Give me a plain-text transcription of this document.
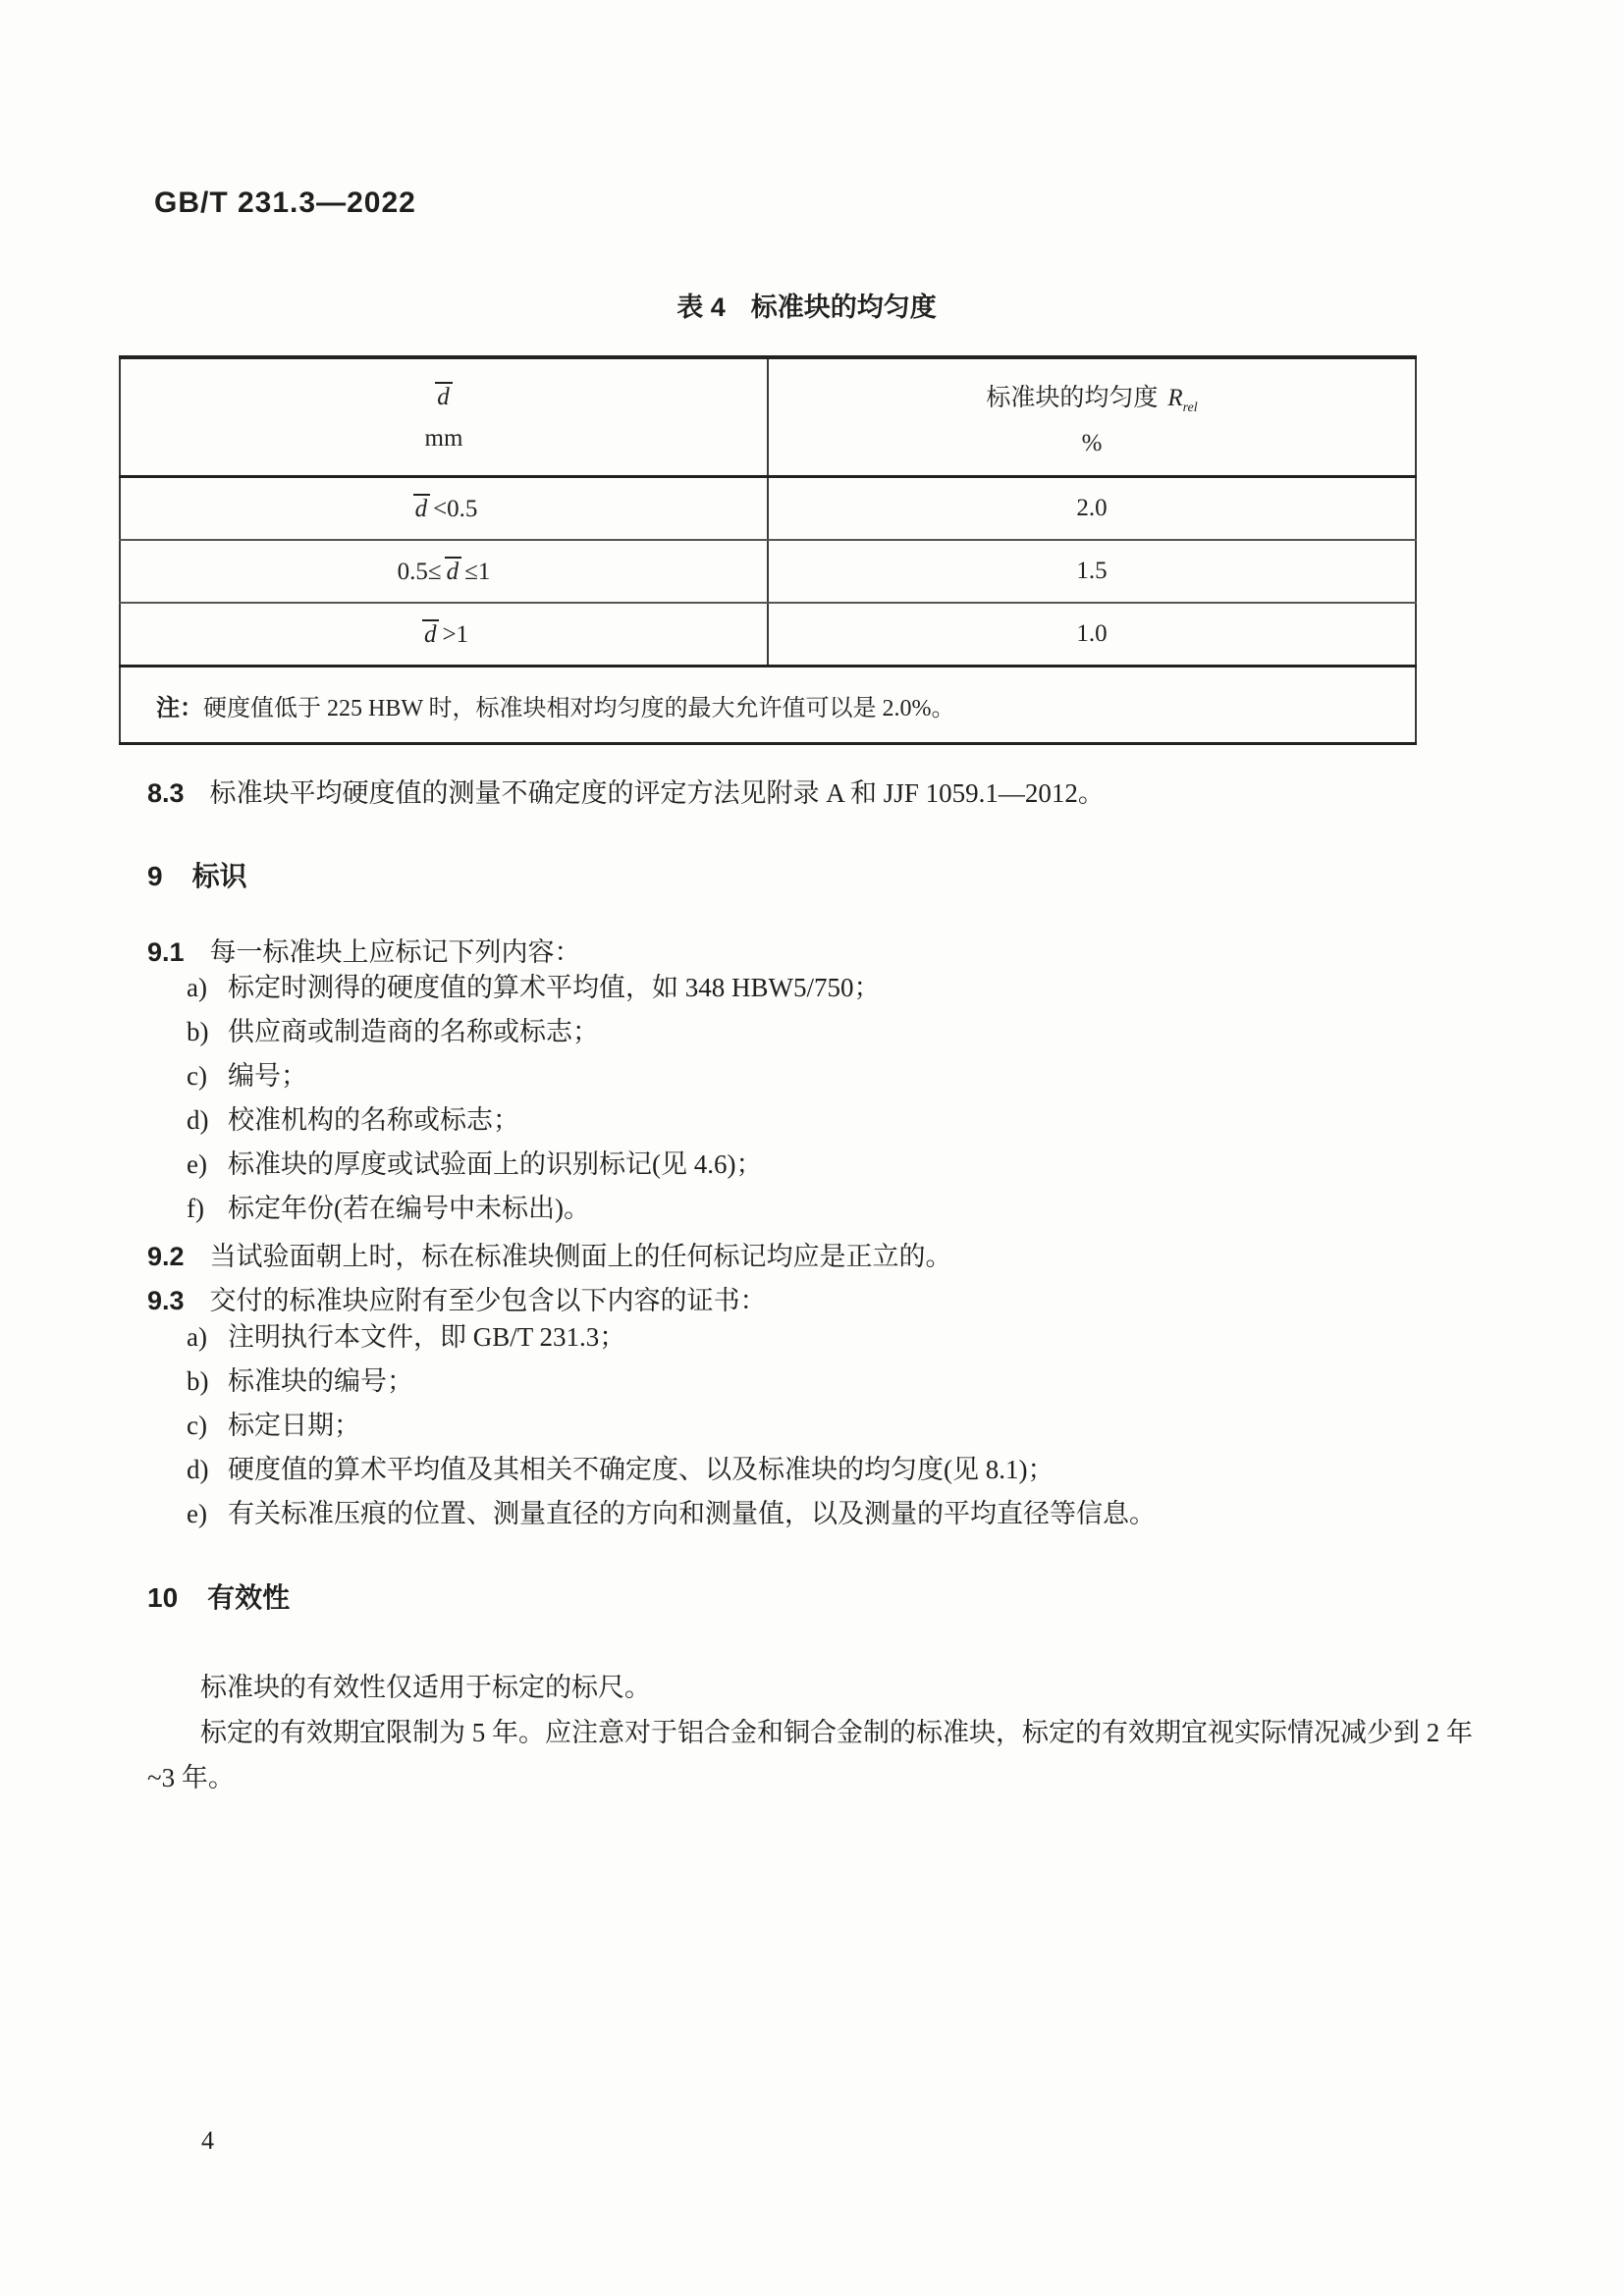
GB/T 231.3—2022
表 4 标准块的均匀度
d
mm

标准块的均匀度 $R_{rel}$
%

d <0.5	2.0
0.5≤ d ≤1	1.5
d >1	1.0
注：硬度值低于 225 HBW 时，标准块相对均匀度的最大允许值可以是 2.0%。	
8.3 标准块平均硬度值的测量不确定度的评定方法见附录 A 和 JJF 1059.1—2012。
9 标识
9.1 每一标准块上应标记下列内容：
a) 标定时测得的硬度值的算术平均值，如 348 HBW5/750；
b) 供应商或制造商的名称或标志；
c) 编号；
d) 校准机构的名称或标志；
e) 标准块的厚度或试验面上的识别标记(见 4.6)；
f) 标定年份(若在编号中未标出)。
9.2 当试验面朝上时，标在标准块侧面上的任何标记均应是正立的。
9.3 交付的标准块应附有至少包含以下内容的证书：
a) 注明执行本文件，即 GB/T 231.3；
b) 标准块的编号；
c) 标定日期；
d) 硬度值的算术平均值及其相关不确定度、以及标准块的均匀度(见 8.1)；
e) 有关标准压痕的位置、测量直径的方向和测量值，以及测量的平均直径等信息。
10 有效性
标准块的有效性仅适用于标定的标尺。
标定的有效期宜限制为 5 年。应注意对于铝合金和铜合金制的标准块，标定的有效期宜视实际情况减少到 2 年~3 年。
4
